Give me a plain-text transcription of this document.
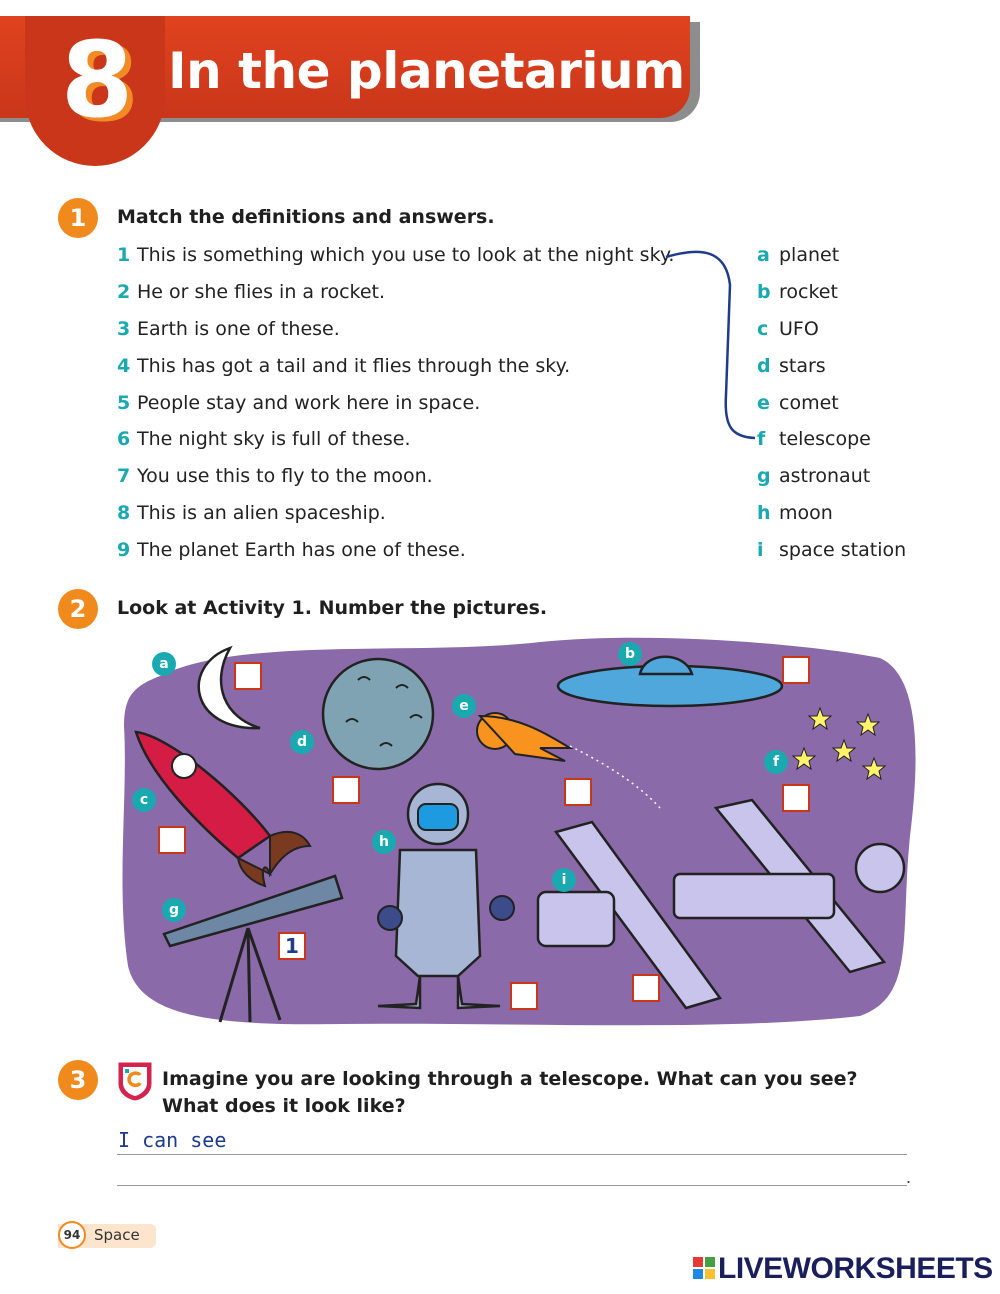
8 In the planetarium
1	Match the definitions and answers.
1 This is something which you use to look at the night sky.
2 He or she flies in a rocket.
3 Earth is one of these.
4 This has got a tail and it flies through the sky.
5 People stay and work here in space.
6 The night sky is full of these.
7 You use this to fly to the moon.
8 This is an alien spaceship.
9 The planet Earth has one of these.
a planet
b rocket
c UFO
d stars
e comet
f telescope
g astronaut
h moon
i space station
2	Look at Activity 1. Number the pictures.
a
b
c
d
e
f
g
1
h
i
3	Imagine you are looking through a telescope. What can you see?
What does it look like?
I can see
.
94 Space
LIVEWORKSHEETS
